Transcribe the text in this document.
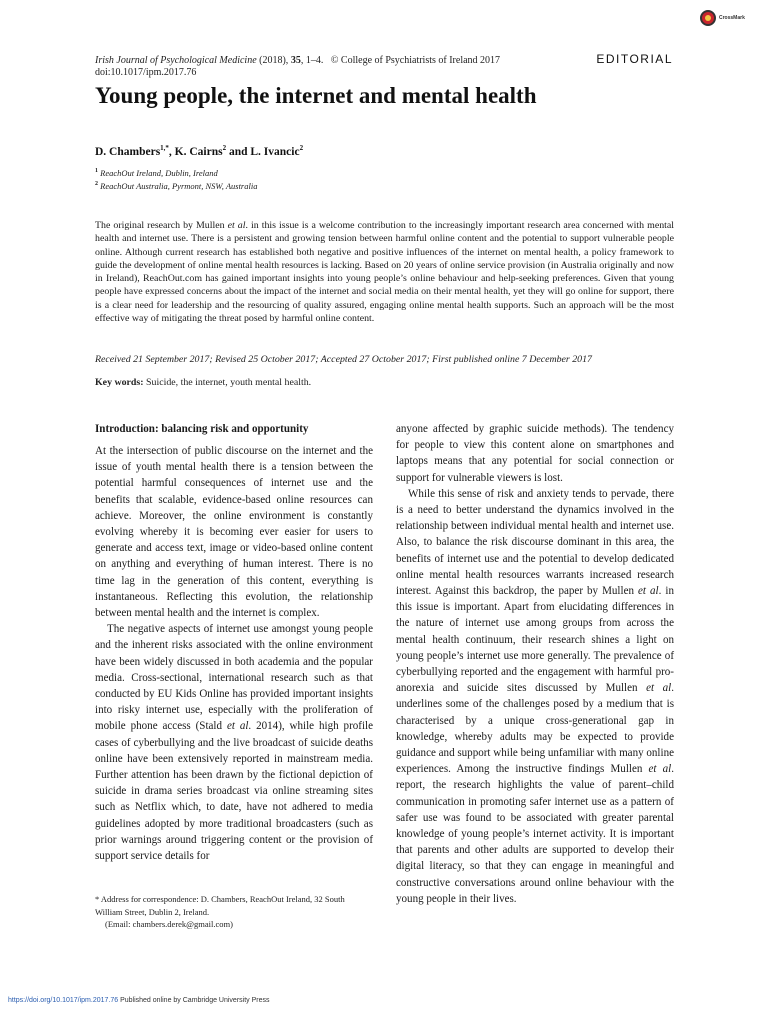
CrossMark
Irish Journal of Psychological Medicine (2018), 35, 1–4. © College of Psychiatrists of Ireland 2017
doi:10.1017/ipm.2017.76
EDITORIAL
Young people, the internet and mental health
D. Chambers$^{1,*}$, K. Cairns$^2$ and L. Ivancic$^2$
$^1$ ReachOut Ireland, Dublin, Ireland
$^2$ ReachOut Australia, Pyrmont, NSW, Australia

The original research by Mullen et al. in this issue is a welcome contribution to the increasingly important research area concerned with mental health and internet use. There is a persistent and growing tension between harmful online content and the potential to support vulnerable people online. Although current research has established both negative and positive influences of the internet on mental health, a policy framework to guide the development of online mental health resources is lacking. Based on 20 years of online service provision (in Australia originally and now in Ireland), ReachOut.com has gained important insights into young people’s online behaviour and help-seeking preferences. Given that young people have expressed concerns about the impact of the internet and social media on their mental health, yet they will go online for support, there is a clear need for leadership and the resourcing of quality assured, engaging online mental health supports. Such an approach will be the most effective way of mitigating the threat posed by harmful online content.

Received 21 September 2017; Revised 25 October 2017; Accepted 27 October 2017; First published online 7 December 2017
Key words: Suicide, the internet, youth mental health.
Introduction: balancing risk and opportunity

At the intersection of public discourse on the internet and the issue of youth mental health there is a tension between the potential harmful consequences of internet use and the benefits that scalable, evidence-based online resources can achieve. Moreover, the online environment is constantly evolving whereby it is becoming ever easier for users to generate and access text, image or video-based online content on anything and everything of human interest. There is no time lag in the generation of this content, everything is instantaneous. Reflecting this evolution, the relationship between mental health and the internet is complex.

The negative aspects of internet use amongst young people and the inherent risks associated with the online environment have been widely discussed in both academia and the popular media. Cross-sectional, international research such as that conducted by EU Kids Online has provided important insights into risky internet use, especially with the proliferation of mobile phone access (Stald et al. 2014), while high profile cases of cyberbullying and the live broadcast of suicide deaths online have been extensively reported in mainstream media. Further attention has been drawn by the fictional depiction of suicide in drama series broadcast via online streaming sites such as Netflix which, to date, have not adhered to media guidelines adopted by more traditional broadcasters (such as prior warnings around triggering content or the provision of support service details for

* Address for correspondence: D. Chambers, ReachOut Ireland, 32 South William Street, Dublin 2, Ireland.
(Email: chambers.derek@gmail.com)

anyone affected by graphic suicide methods). The tendency for people to view this content alone on smartphones and laptops means that any potential for social connection or support for vulnerable viewers is lost.

While this sense of risk and anxiety tends to pervade, there is a need to better understand the dynamics involved in the relationship between individual mental health and internet use. Also, to balance the risk discourse dominant in this area, the benefits of internet use and the potential to develop dedicated online mental health resources warrants increased research interest. Against this backdrop, the paper by Mullen et al. in this issue is important. Apart from elucidating differences in the nature of internet use among groups from across the mental health continuum, their research shines a light on young people’s internet use more generally. The prevalence of cyberbullying reported and the engagement with harmful pro-anorexia and suicide sites discussed by Mullen et al. underlines some of the challenges posed by a medium that is characterised by a unique cross-generational gap in knowledge, whereby adults may be expected to provide guidance and support while being unfamiliar with many online experiences. Among the instructive findings Mullen et al. report, the research highlights the value of parent–child communication in promoting safer internet use as a pattern of safer use was found to be associated with greater parental knowledge of young people’s internet activity. It is important that parents and other adults are supported to develop their digital literacy, so that they can engage in meaningful and constructive conversations around online behaviour with the young people in their lives.

https://doi.org/10.1017/ipm.2017.76 Published online by Cambridge University Press
